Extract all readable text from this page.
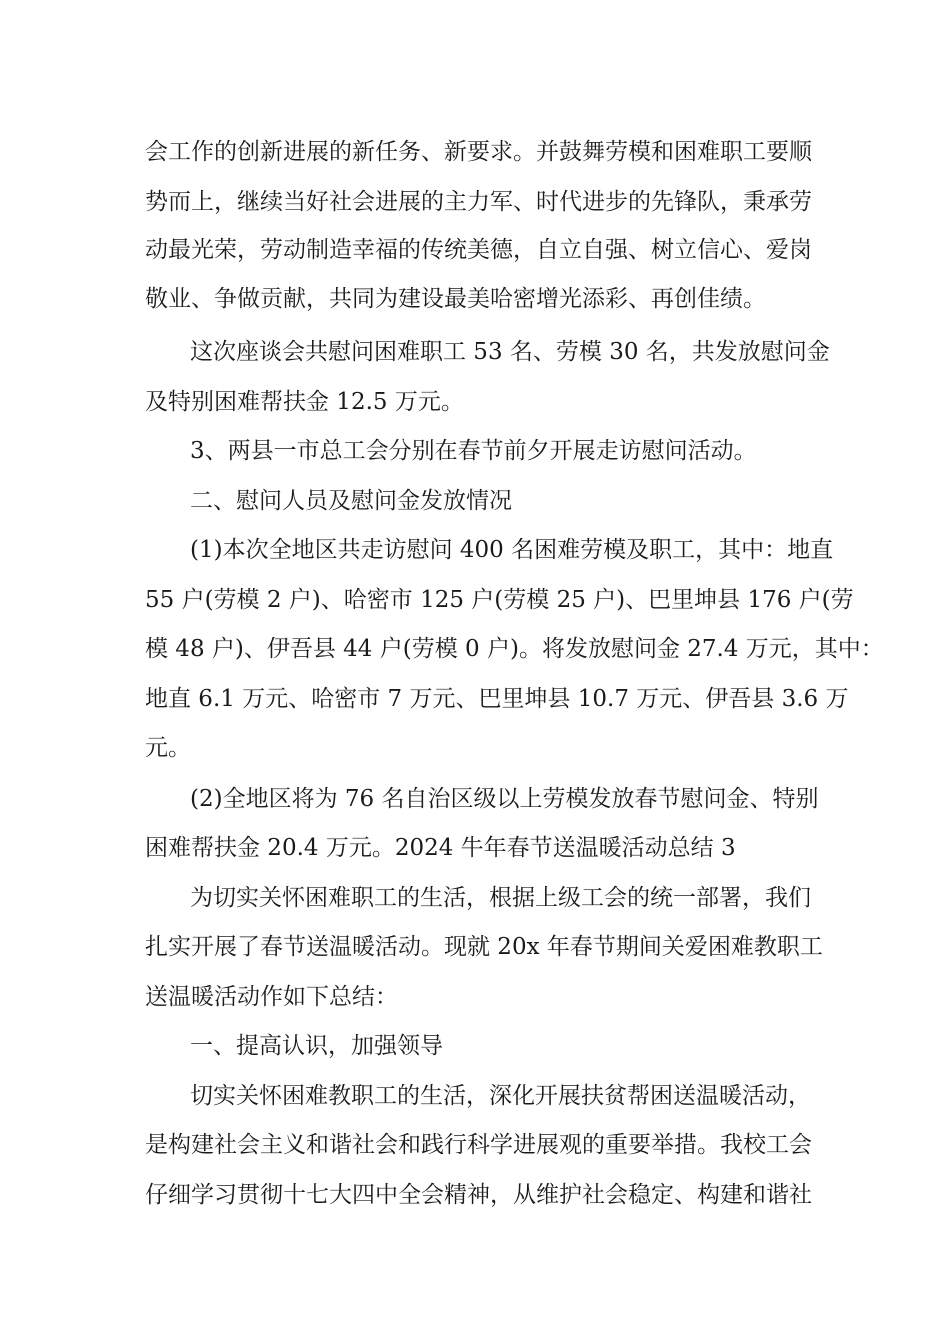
会工作的创新进展的新任务、新要求。并鼓舞劳模和困难职工要顺
势而上，继续当好社会进展的主力军、时代进步的先锋队，秉承劳
动最光荣，劳动制造幸福的传统美德，自立自强、树立信心、爱岗
敬业、争做贡献，共同为建设最美哈密增光添彩、再创佳绩。
这次座谈会共慰问困难职工 53 名、劳模 30 名，共发放慰问金
及特别困难帮扶金 12.5 万元。
3、两县一市总工会分别在春节前夕开展走访慰问活动。
二、慰问人员及慰问金发放情况
(1)本次全地区共走访慰问 400 名困难劳模及职工，其中：地直
55 户(劳模 2 户)、哈密市 125 户(劳模 25 户)、巴里坤县 176 户(劳
模 48 户)、伊吾县 44 户(劳模 0 户)。将发放慰问金 27.4 万元，其中：
地直 6.1 万元、哈密市 7 万元、巴里坤县 10.7 万元、伊吾县 3.6 万
元。
(2)全地区将为 76 名自治区级以上劳模发放春节慰问金、特别
困难帮扶金 20.4 万元。2024 牛年春节送温暖活动总结 3
为切实关怀困难职工的生活，根据上级工会的统一部署，我们
扎实开展了春节送温暖活动。现就 20x 年春节期间关爱困难教职工
送温暖活动作如下总结：
一、提高认识，加强领导
切实关怀困难教职工的生活，深化开展扶贫帮困送温暖活动，
是构建社会主义和谐社会和践行科学进展观的重要举措。我校工会
仔细学习贯彻十七大四中全会精神，从维护社会稳定、构建和谐社
